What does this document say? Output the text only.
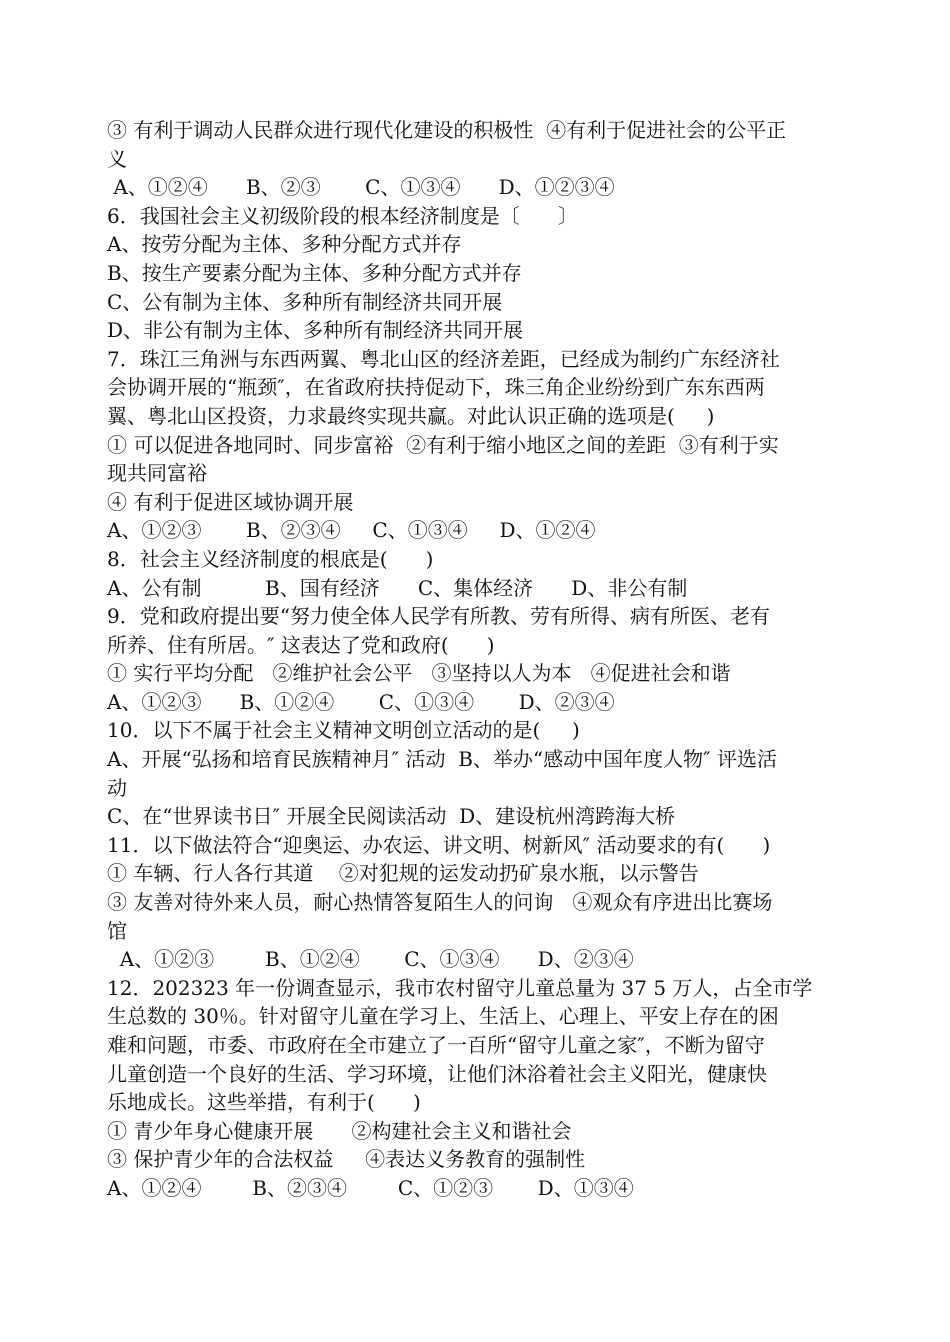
③ 有利于调动人民群众进行现代化建设的积极性  ④有利于促进社会的公平正
义
A、①②④      B、②③       C、①③④      D、①②③④
6．我国社会主义初级阶段的根本经济制度是〔      〕
A、按劳分配为主体、多种分配方式并存
B、按生产要素分配为主体、多种分配方式并存
C、公有制为主体、多种所有制经济共同开展
D、非公有制为主体、多种所有制经济共同开展
7．珠江三角洲与东西两翼、粤北山区的经济差距，已经成为制约广东经济社
会协调开展的“瓶颈″，在省政府扶持促动下，珠三角企业纷纷到广东东西两
翼、粤北山区投资，力求最终实现共赢。对此认识正确的选项是(     )
① 可以促进各地同时、同步富裕  ②有利于缩小地区之间的差距  ③有利于实
现共同富裕
④ 有利于促进区域协调开展
A、①②③       B、②③④     C、①③④     D、①②④
8．社会主义经济制度的根底是(      )
A、公有制          B、国有经济      C、集体经济      D、非公有制
9．党和政府提出要“努力使全体人民学有所教、劳有所得、病有所医、老有
所养、住有所居。″ 这表达了党和政府(      )
① 实行平均分配   ②维护社会公平   ③坚持以人为本   ④促进社会和谐
A、①②③      B、①②④       C、①③④       D、②③④
10．以下不属于社会主义精神文明创立活动的是(     )
A、开展“弘扬和培育民族精神月″ 活动  B、举办“感动中国年度人物″ 评选活
动
C、在“世界读书日″ 开展全民阅读活动  D、建设杭州湾跨海大桥
11．以下做法符合“迎奥运、办农运、讲文明、树新风″ 活动要求的有(      )
① 车辆、行人各行其道    ②对犯规的运发动扔矿泉水瓶，以示警告
③ 友善对待外来人员，耐心热情答复陌生人的问询   ④观众有序进出比赛场
馆
A、①②③        B、①②④       C、①③④      D、②③④
12．202323 年一份调查显示，我市农村留守儿童总量为 37 5 万人，占全市学
生总数的 30％。针对留守儿童在学习上、生活上、心理上、平安上存在的困
难和问题，市委、市政府在全市建立了一百所“留守儿童之家″，不断为留守
儿童创造一个良好的生活、学习环境，让他们沐浴着社会主义阳光，健康快
乐地成长。这些举措，有利于(      )
① 青少年身心健康开展      ②构建社会主义和谐社会
③ 保护青少年的合法权益     ④表达义务教育的强制性
A、①②④        B、②③④        C、①②③       D、①③④
